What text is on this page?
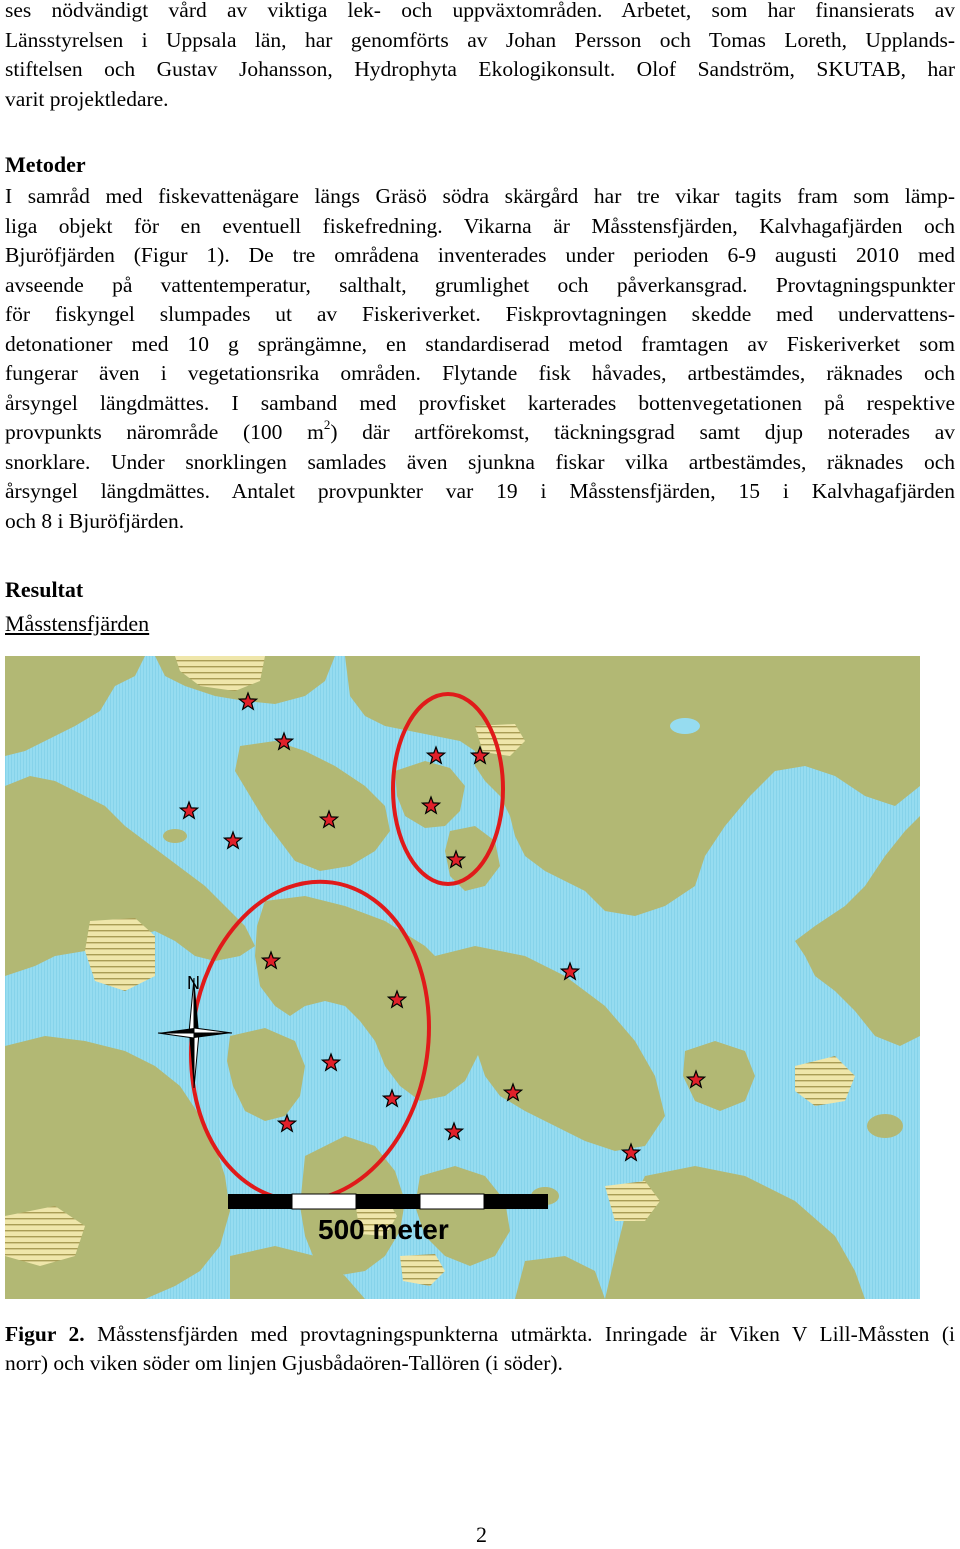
ses nödvändigt vård av viktiga lek- och uppväxtområden. Arbetet, som har finansierats av
Länsstyrelsen i Uppsala län, har genomförts av Johan Persson och Tomas Loreth, Upplands-
stiftelsen och Gustav Johansson, Hydrophyta Ekologikonsult. Olof Sandström, SKUTAB, har
varit projektledare.
Metoder
I samråd med fiskevattenägare längs Gräsö södra skärgård har tre vikar tagits fram som lämp-
liga objekt för en eventuell fiskefredning. Vikarna är Måsstensfjärden, Kalvhagafjärden och
Bjuröfjärden (Figur 1). De tre områdena inventerades under perioden 6-9 augusti 2010 med
avseende på vattentemperatur, salthalt, grumlighet och påverkansgrad. Provtagningspunkter
för fiskyngel slumpades ut av Fiskeriverket. Fiskprovtagningen skedde med undervattens-
detonationer med 10 g sprängämne, en standardiserad metod framtagen av Fiskeriverket som
fungerar även i vegetationsrika områden. Flytande fisk håvades, artbestämdes, räknades och
årsyngel längdmättes. I samband med provfisket karterades bottenvegetationen på respektive
provpunkts närområde (100 $m^2$) där artförekomst, täckningsgrad samt djup noterades av
snorklare. Under snorklingen samlades även sjunkna fiskar vilka artbestämdes, räknades och
årsyngel längdmättes. Antalet provpunkter var 19 i Måsstensfjärden, 15 i Kalvhagafjärden
och 8 i Bjuröfjärden.
Resultat
Måsstensfjärden
N
500 meter
Figur 2. Måsstensfjärden med provtagningspunkterna utmärkta. Inringade är Viken V Lill-Måssten (i
norr) och viken söder om linjen Gjusbådaören-Tallören (i söder).
2
